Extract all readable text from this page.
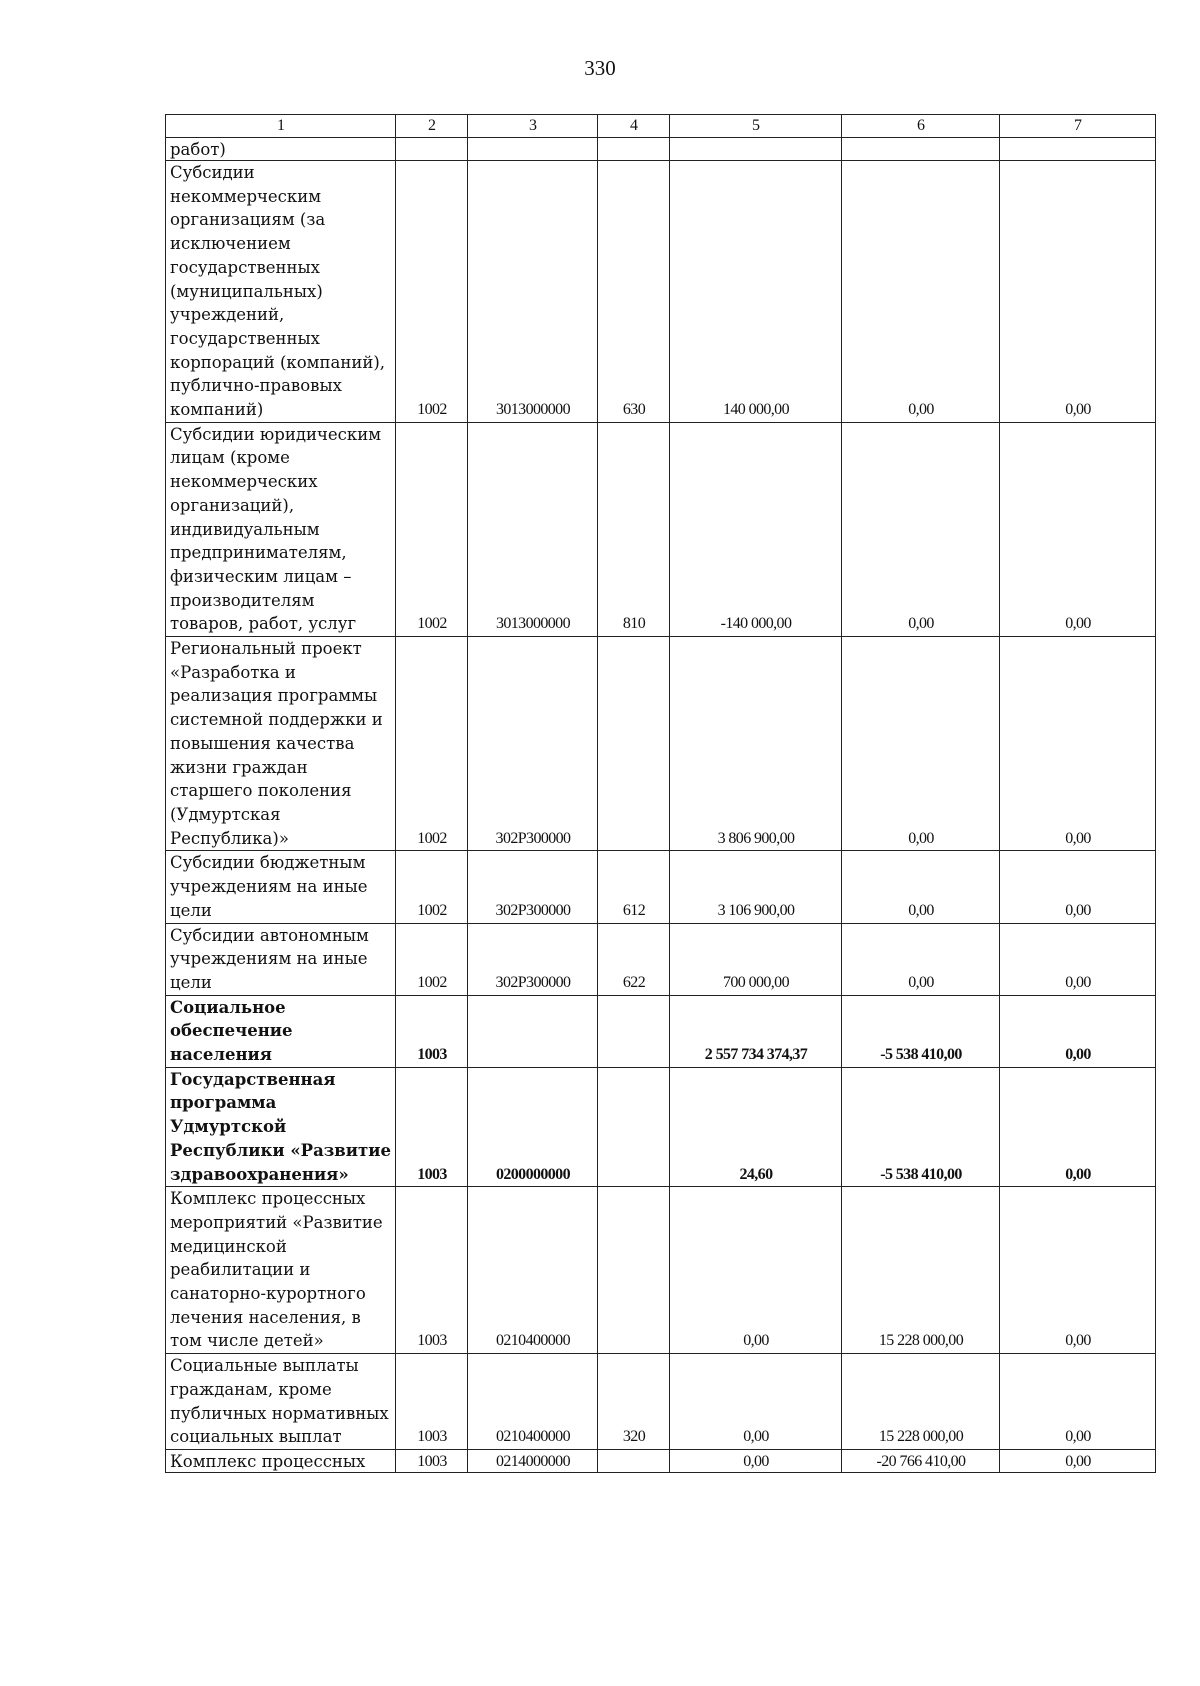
330
1	2	3	4	5	6	7
работ)						
Субсидии некоммерческим организациям (за исключением государственных (муниципальных) учреждений, государственных корпораций (компаний), публично-правовых компаний)	1002	3013000000	630	140 000,00	0,00	0,00
Субсидии юридическим лицам (кроме некоммерческих организаций), индивидуальным предпринимателям, физическим лицам – производителям товаров, работ, услуг	1002	3013000000	810	-140 000,00	0,00	0,00
Региональный проект «Разработка и реализация программы системной поддержки и повышения качества жизни граждан старшего поколения (Удмуртская Республика)»	1002	302P300000		3 806 900,00	0,00	0,00
Субсидии бюджетным учреждениям на иные цели	1002	302P300000	612	3 106 900,00	0,00	0,00
Субсидии автономным учреждениям на иные цели	1002	302P300000	622	700 000,00	0,00	0,00
Социальное обеспечение населения	1003			2 557 734 374,37	-5 538 410,00	0,00
Государственная программа Удмуртской Республики «Развитие здравоохранения»	1003	0200000000		24,60	-5 538 410,00	0,00
Комплекс процессных мероприятий «Развитие медицинской реабилитации и санаторно-курортного лечения населения, в том числе детей»	1003	0210400000		0,00	15 228 000,00	0,00
Социальные выплаты гражданам, кроме публичных нормативных социальных выплат	1003	0210400000	320	0,00	15 228 000,00	0,00
Комплекс процессных	1003	0214000000		0,00	-20 766 410,00	0,00
